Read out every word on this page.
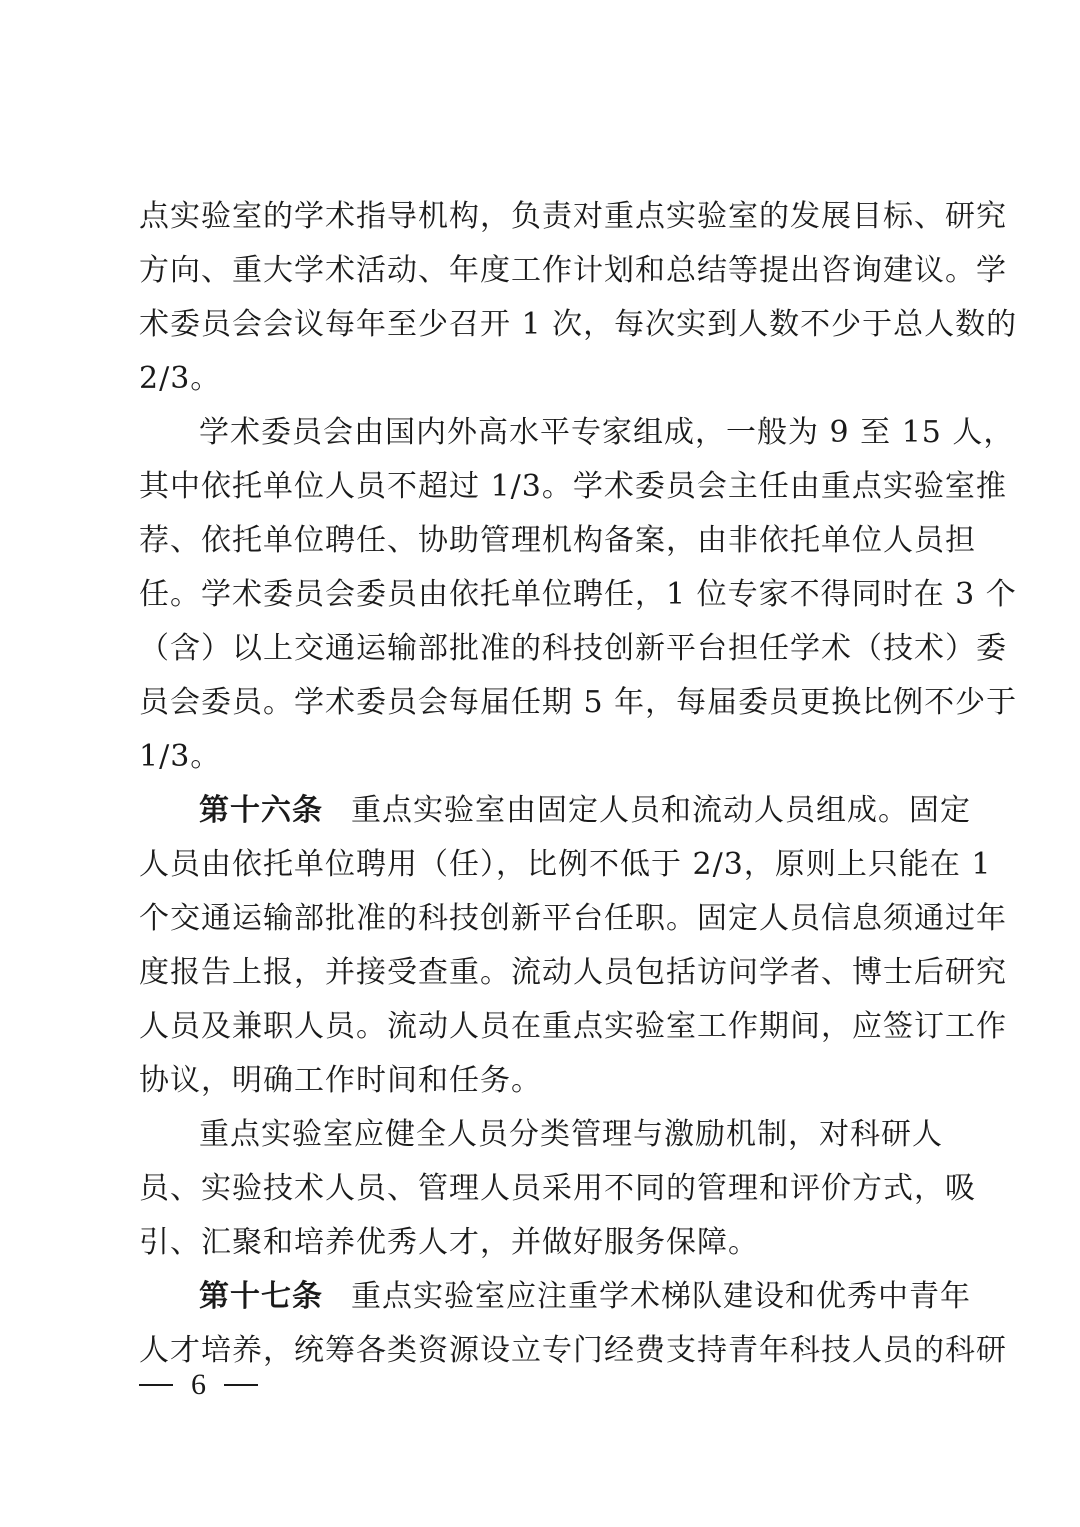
点实验室的学术指导机构，负责对重点实验室的发展目标、研究
方向、重大学术活动、年度工作计划和总结等提出咨询建议。学
术委员会会议每年至少召开 1 次，每次实到人数不少于总人数的
2/3。
学术委员会由国内外高水平专家组成，一般为 9 至 15 人，
其中依托单位人员不超过 1/3。学术委员会主任由重点实验室推
荐、依托单位聘任、协助管理机构备案，由非依托单位人员担
任。学术委员会委员由依托单位聘任，1 位专家不得同时在 3 个
（含）以上交通运输部批准的科技创新平台担任学术（技术）委
员会委员。学术委员会每届任期 5 年，每届委员更换比例不少于
1/3。
第十六条 重点实验室由固定人员和流动人员组成。固定
人员由依托单位聘用（任），比例不低于 2/3，原则上只能在 1
个交通运输部批准的科技创新平台任职。固定人员信息须通过年
度报告上报，并接受查重。流动人员包括访问学者、博士后研究
人员及兼职人员。流动人员在重点实验室工作期间，应签订工作
协议，明确工作时间和任务。
重点实验室应健全人员分类管理与激励机制，对科研人
员、实验技术人员、管理人员采用不同的管理和评价方式，吸
引、汇聚和培养优秀人才，并做好服务保障。
第十七条 重点实验室应注重学术梯队建设和优秀中青年
人才培养，统筹各类资源设立专门经费支持青年科技人员的科研
6
